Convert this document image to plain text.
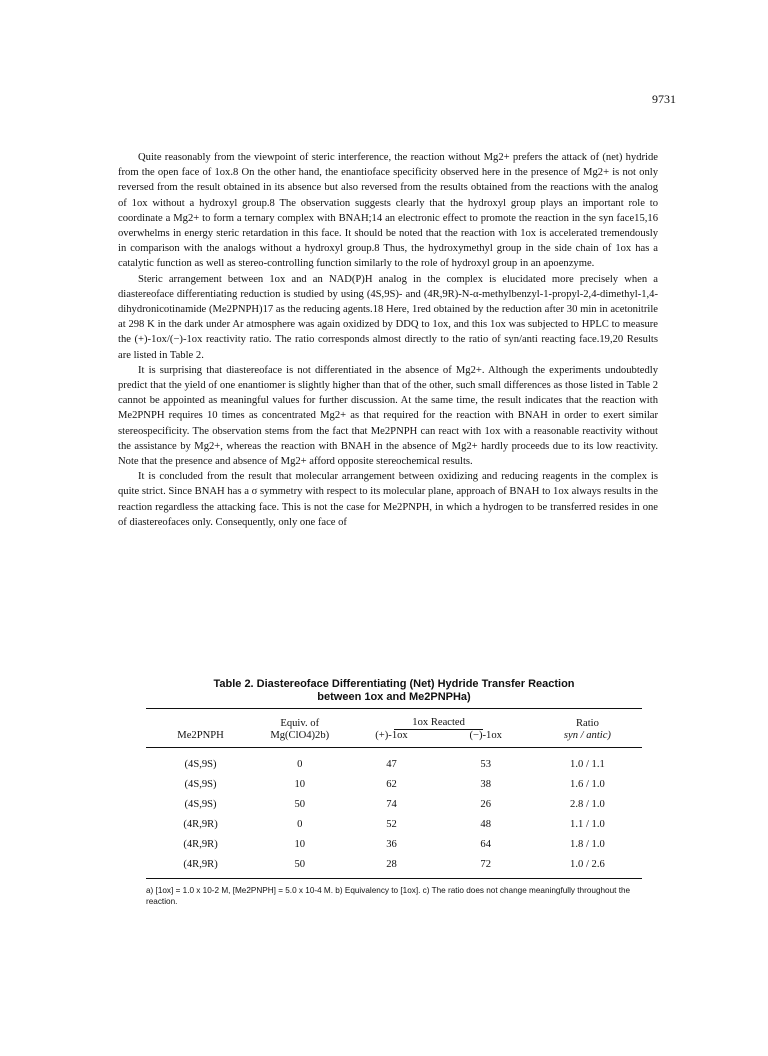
9731

Quite reasonably from the viewpoint of steric interference, the reaction without Mg2+ prefers the attack of (net) hydride from the open face of 1ox.8 On the other hand, the enantioface specificity observed here in the presence of Mg2+ is not only reversed from the result obtained in its absence but also reversed from the results obtained from the reactions with the analog of 1ox without a hydroxyl group.8 The observation suggests clearly that the hydroxyl group plays an important role to coordinate a Mg2+ to form a ternary complex with BNAH;14 an electronic effect to promote the reaction in the syn face15,16 overwhelms in energy steric retardation in this face. It should be noted that the reaction with 1ox is accelerated tremendously in comparison with the analogs without a hydroxyl group.8 Thus, the hydroxymethyl group in the side chain of 1ox has a catalytic function as well as stereo-controlling function similarly to the role of hydroxyl group in an apoenzyme.

Steric arrangement between 1ox and an NAD(P)H analog in the complex is elucidated more precisely when a diastereoface differentiating reduction is studied by using (4S,9S)- and (4R,9R)-N-α-methylbenzyl-1-propyl-2,4-dimethyl-1,4-dihydronicotinamide (Me2PNPH)17 as the reducing agents.18 Here, 1red obtained by the reduction after 30 min in acetonitrile at 298 K in the dark under Ar atmosphere was again oxidized by DDQ to 1ox, and this 1ox was subjected to HPLC to measure the (+)-1ox/(−)-1ox reactivity ratio. The ratio corresponds almost directly to the ratio of syn/anti reacting face.19,20 Results are listed in Table 2.

It is surprising that diastereoface is not differentiated in the absence of Mg2+. Although the experiments undoubtedly predict that the yield of one enantiomer is slightly higher than that of the other, such small differences as those listed in Table 2 cannot be appointed as meaningful values for further discussion. At the same time, the result indicates that the reaction with Me2PNPH requires 10 times as concentrated Mg2+ as that required for the reaction with BNAH in order to exert similar stereospecificity. The observation stems from the fact that Me2PNPH can react with 1ox with a reasonable reactivity without the assistance by Mg2+, whereas the reaction with BNAH in the absence of Mg2+ hardly proceeds due to its low reactivity. Note that the presence and absence of Mg2+ afford opposite stereochemical results.

It is concluded from the result that molecular arrangement between oxidizing and reducing reagents in the complex is quite strict. Since BNAH has a σ symmetry with respect to its molecular plane, approach of BNAH to 1ox always results in the reaction regardless the attacking face. This is not the case for Me2PNPH, in which a hydrogen to be transferred resides in one of diastereofaces only. Consequently, only one face of

Table 2. Diastereoface Differentiating (Net) Hydride Transfer Reaction
between 1ox and Me2PNPHa)
Me2PNPH	Equiv. of	1ox Reacted		Ratio
	Mg(ClO4)2b)	(+)-1ox	(−)-1ox	syn / antic)
(4S,9S)	0	47	53	1.0 / 1.1
(4S,9S)	10	62	38	1.6 / 1.0
(4S,9S)	50	74	26	2.8 / 1.0
(4R,9R)	0	52	48	1.1 / 1.0
(4R,9R)	10	36	64	1.8 / 1.0
(4R,9R)	50	28	72	1.0 / 2.6
a) [1ox] = 1.0 x 10-2 M, [Me2PNPH] = 5.0 x 10-4 M. b) Equivalency to [1ox]. c) The ratio does not change meaningfully throughout the reaction.
